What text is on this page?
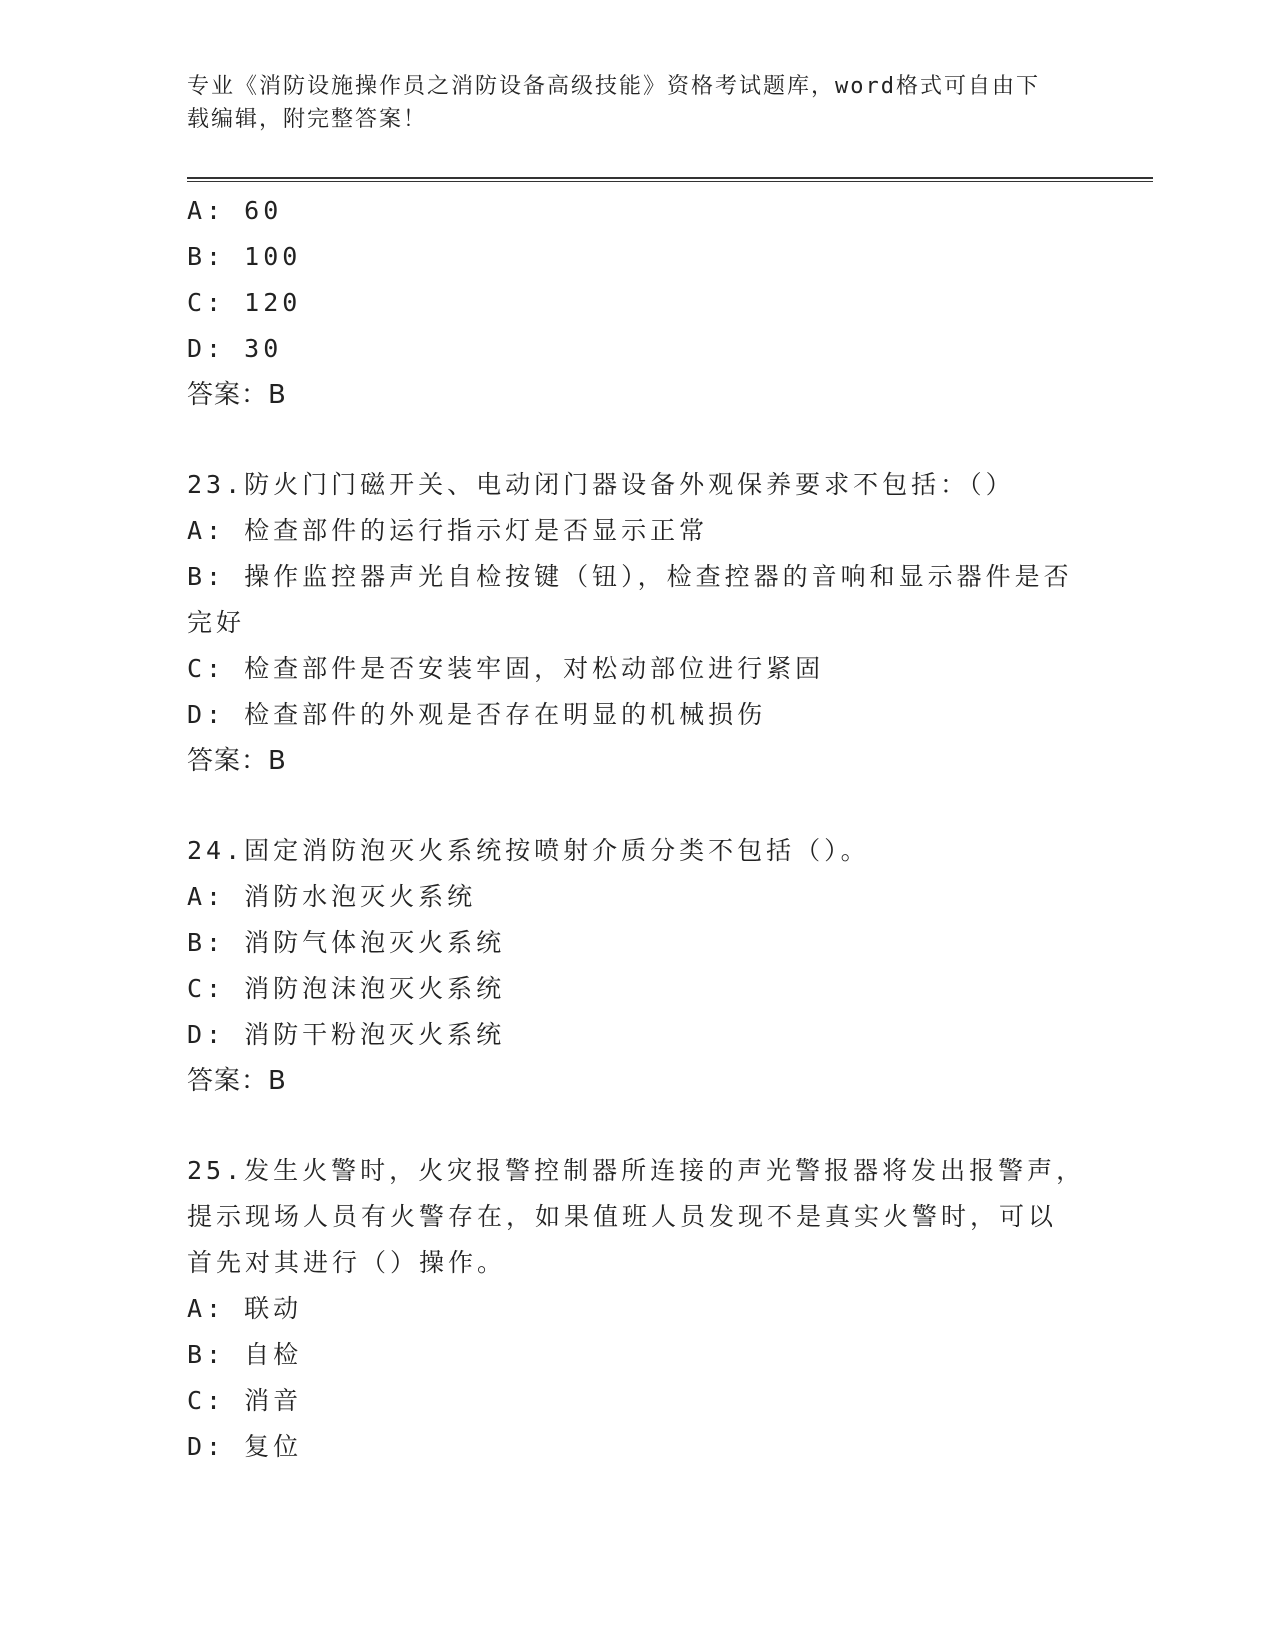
专业《消防设施操作员之消防设备高级技能》资格考试题库，word格式可自由下
载编辑，附完整答案！
A: 60
B: 100
C: 120
D: 30
答案：B
23.防火门门磁开关、电动闭门器设备外观保养要求不包括：（）
A: 检查部件的运行指示灯是否显示正常
B: 操作监控器声光自检按键（钮），检查控器的音响和显示器件是否
完好
C: 检查部件是否安装牢固，对松动部位进行紧固
D: 检查部件的外观是否存在明显的机械损伤
答案：B
24.固定消防泡灭火系统按喷射介质分类不包括（）。
A: 消防水泡灭火系统
B: 消防气体泡灭火系统
C: 消防泡沫泡灭火系统
D: 消防干粉泡灭火系统
答案：B
25.发生火警时，火灾报警控制器所连接的声光警报器将发出报警声，
提示现场人员有火警存在，如果值班人员发现不是真实火警时，可以
首先对其进行（）操作。
A: 联动
B: 自检
C: 消音
D: 复位
